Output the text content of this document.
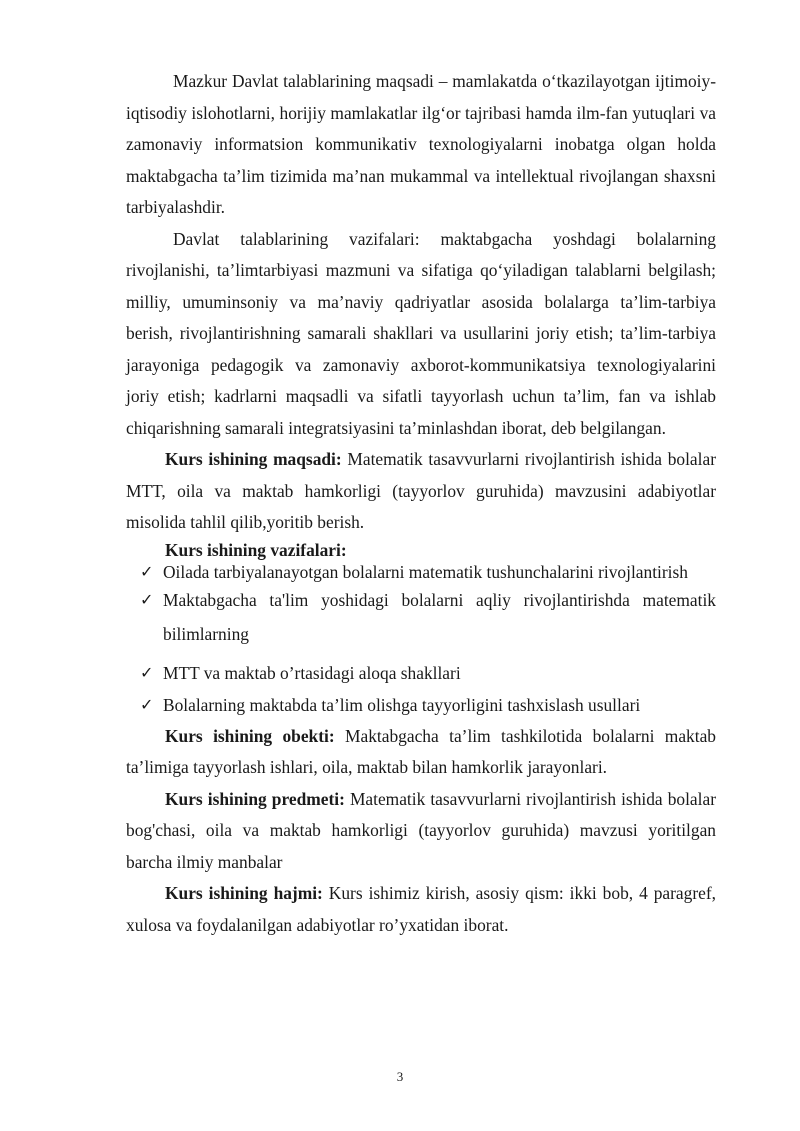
Mazkur Davlat talablarining maqsadi – mamlakatda o‘tkazilayotgan ijtimoiy-iqtisodiy islohotlarni, horijiy mamlakatlar ilg‘or tajribasi hamda ilm-fan yutuqlari va zamonaviy informatsion kommunikativ texnologiyalarni inobatga olgan holda maktabgacha ta’lim tizimida ma’nan mukammal va intellektual rivojlangan shaxsni tarbiyalashdir.

Davlat talablarining vazifalari: maktabgacha yoshdagi bolalarning rivojlanishi, ta’limtarbiyasi mazmuni va sifatiga qo‘yiladigan talablarni belgilash; milliy, umuminsoniy va ma’naviy qadriyatlar asosida bolalarga ta’lim-tarbiya berish, rivojlantirishning samarali shakllari va usullarini joriy etish; ta’lim-tarbiya jarayoniga pedagogik va zamonaviy axborot-kommunikatsiya texnologiyalarini joriy etish; kadrlarni maqsadli va sifatli tayyorlash uchun ta’lim, fan va ishlab chiqarishning samarali integratsiyasini ta’minlashdan iborat, deb belgilangan.

Kurs ishining maqsadi: Matematik tasavvurlarni rivojlantirish ishida bolalar MTT, oila va maktab hamkorligi (tayyorlov guruhida) mavzusini adabiyotlar misolida tahlil qilib,yoritib berish.

Kurs ishining vazifalari:
✓ Oilada tarbiyalanayotgan bolalarni matematik tushunchalarini rivojlantirish
✓ Maktabgacha ta'lim yoshidagi bolalarni aqliy rivojlantirishda matematik bilimlarning
✓ MTT va maktab o’rtasidagi aloqa shakllari
✓ Bolalarning maktabda ta’lim olishga tayyorligini tashxislash usullari

Kurs ishining obekti: Maktabgacha ta’lim tashkilotida bolalarni maktab ta’limiga tayyorlash ishlari, oila, maktab bilan hamkorlik jarayonlari.

Kurs ishining predmeti: Matematik tasavvurlarni rivojlantirish ishida bolalar bog'chasi, oila va maktab hamkorligi (tayyorlov guruhida) mavzusi yoritilgan barcha ilmiy manbalar

Kurs ishining hajmi: Kurs ishimiz kirish, asosiy qism: ikki bob, 4 paragref, xulosa va foydalanilgan adabiyotlar ro’yxatidan iborat.

3
